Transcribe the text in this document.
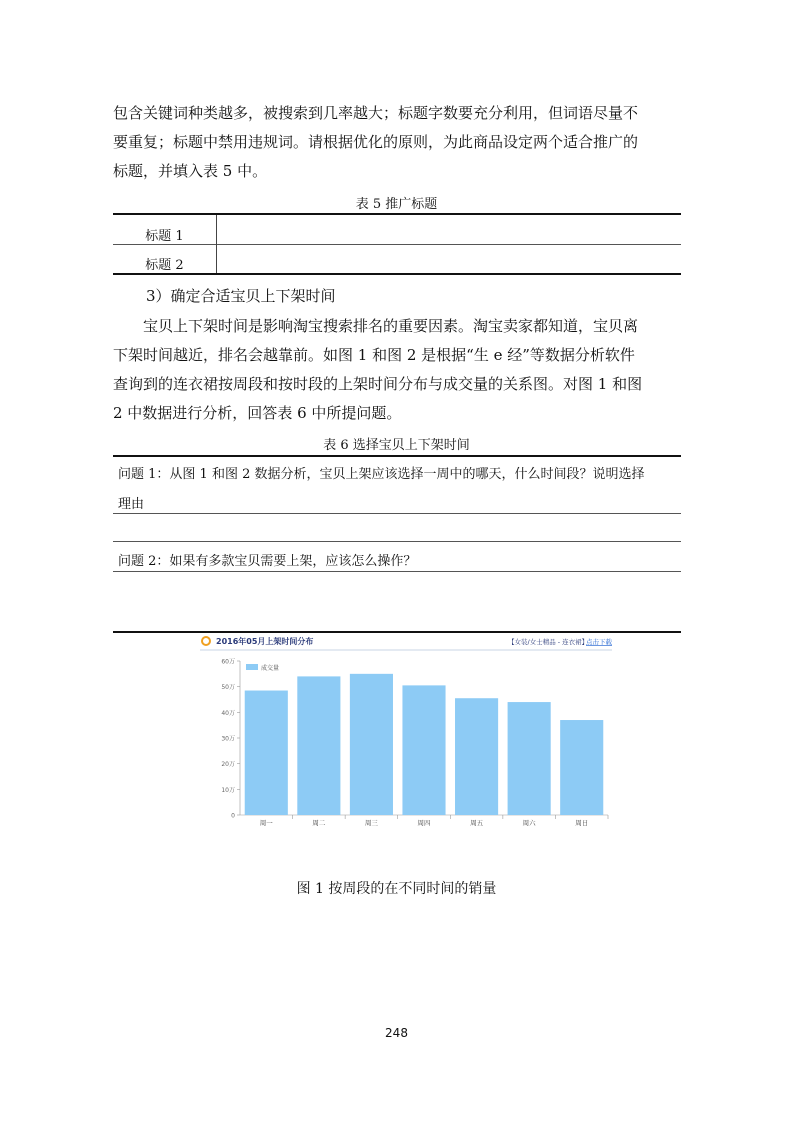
包含关键词种类越多，被搜索到几率越大；标题字数要充分利用，但词语尽量不
要重复；标题中禁用违规词。请根据优化的原则，为此商品设定两个适合推广的
标题，并填入表 5 中。
表 5 推广标题
标题 1
标题 2
3）确定合适宝贝上下架时间
宝贝上下架时间是影响淘宝搜索排名的重要因素。淘宝卖家都知道，宝贝离
下架时间越近，排名会越靠前。如图 1 和图 2 是根据“生 e 经”等数据分析软件
查询到的连衣裙按周段和按时段的上架时间分布与成交量的关系图。对图 1 和图
2 中数据进行分析，回答表 6 中所提问题。
表 6 选择宝贝上下架时间
问题 1：从图 1 和图 2 数据分析，宝贝上架应该选择一周中的哪天，什么时间段？说明选择
理由
问题 2：如果有多款宝贝需要上架，应该怎么操作？
2016年05月上架时间分布	【女装/女士精品 - 连衣裙】
点击下载
0
10万
20万
30万
40万
50万
60万
周一	周二	周三	周四	周五	周六	周日
成交量
图 1 按周段的在不同时间的销量
248
